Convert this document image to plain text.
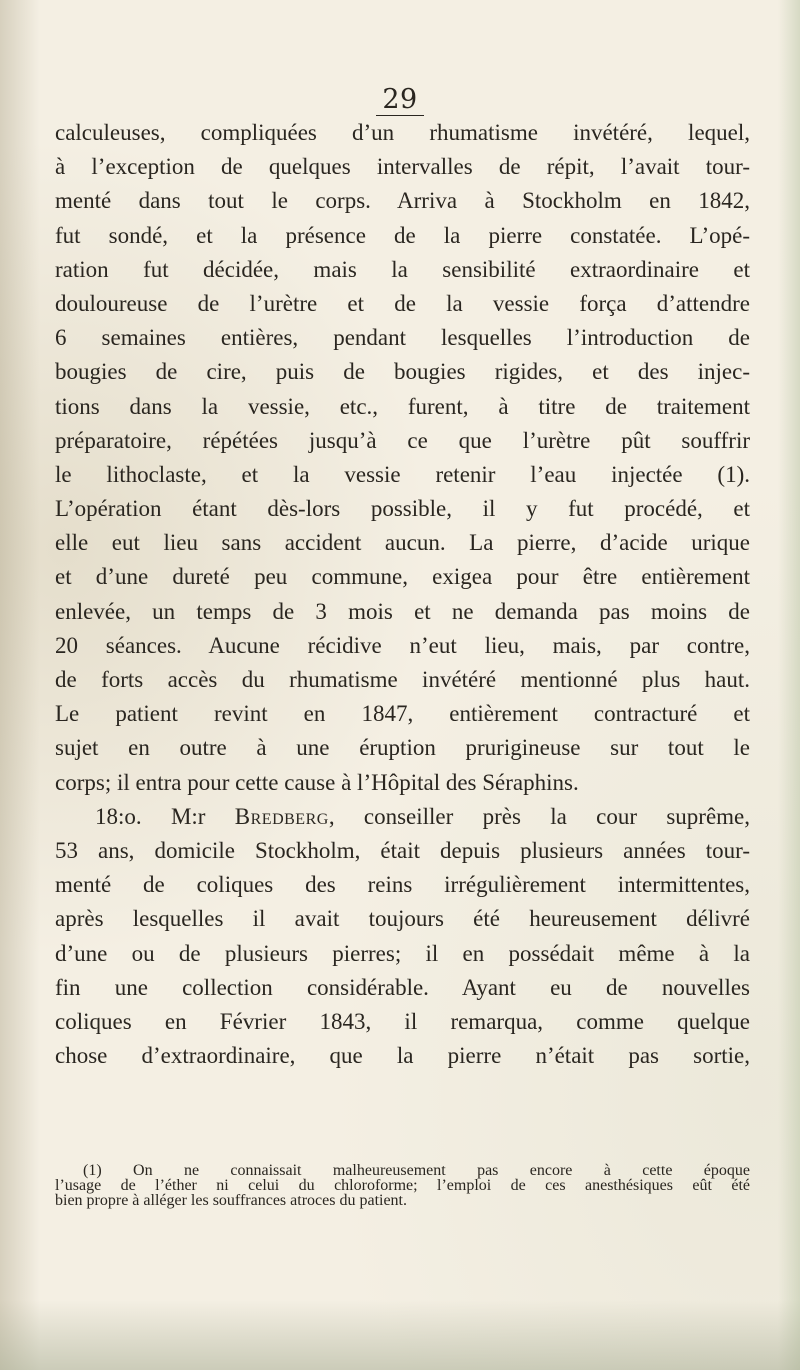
29
calculeuses, compliquées d’un rhumatisme invétéré, lequel,
à l’exception de quelques intervalles de répit, l’avait tour-
menté dans tout le corps. Arriva à Stockholm en 1842,
fut sondé, et la présence de la pierre constatée. L’opé-
ration fut décidée, mais la sensibilité extraordinaire et
douloureuse de l’urètre et de la vessie força d’attendre
6 semaines entières, pendant lesquelles l’introduction de
bougies de cire, puis de bougies rigides, et des injec-
tions dans la vessie, etc., furent, à titre de traitement
préparatoire, répétées jusqu’à ce que l’urètre pût souffrir
le lithoclaste, et la vessie retenir l’eau injectée (1).
L’opération étant dès-lors possible, il y fut procédé, et
elle eut lieu sans accident aucun. La pierre, d’acide urique
et d’une dureté peu commune, exigea pour être entièrement
enlevée, un temps de 3 mois et ne demanda pas moins de
20 séances. Aucune récidive n’eut lieu, mais, par contre,
de forts accès du rhumatisme invétéré mentionné plus haut.
Le patient revint en 1847, entièrement contracturé et
sujet en outre à une éruption prurigineuse sur tout le
corps; il entra pour cette cause à l’Hôpital des Séraphins.
18:o. M:r Bredberg, conseiller près la cour suprême,
53 ans, domicile Stockholm, était depuis plusieurs années tour-
menté de coliques des reins irrégulièrement intermittentes,
après lesquelles il avait toujours été heureusement délivré
d’une ou de plusieurs pierres; il en possédait même à la
fin une collection considérable. Ayant eu de nouvelles
coliques en Février 1843, il remarqua, comme quelque
chose d’extraordinaire, que la pierre n’était pas sortie,
(1) On ne connaissait malheureusement pas encore à cette époque
l’usage de l’éther ni celui du chloroforme; l’emploi de ces anesthésiques eût été
bien propre à alléger les souffrances atroces du patient.
